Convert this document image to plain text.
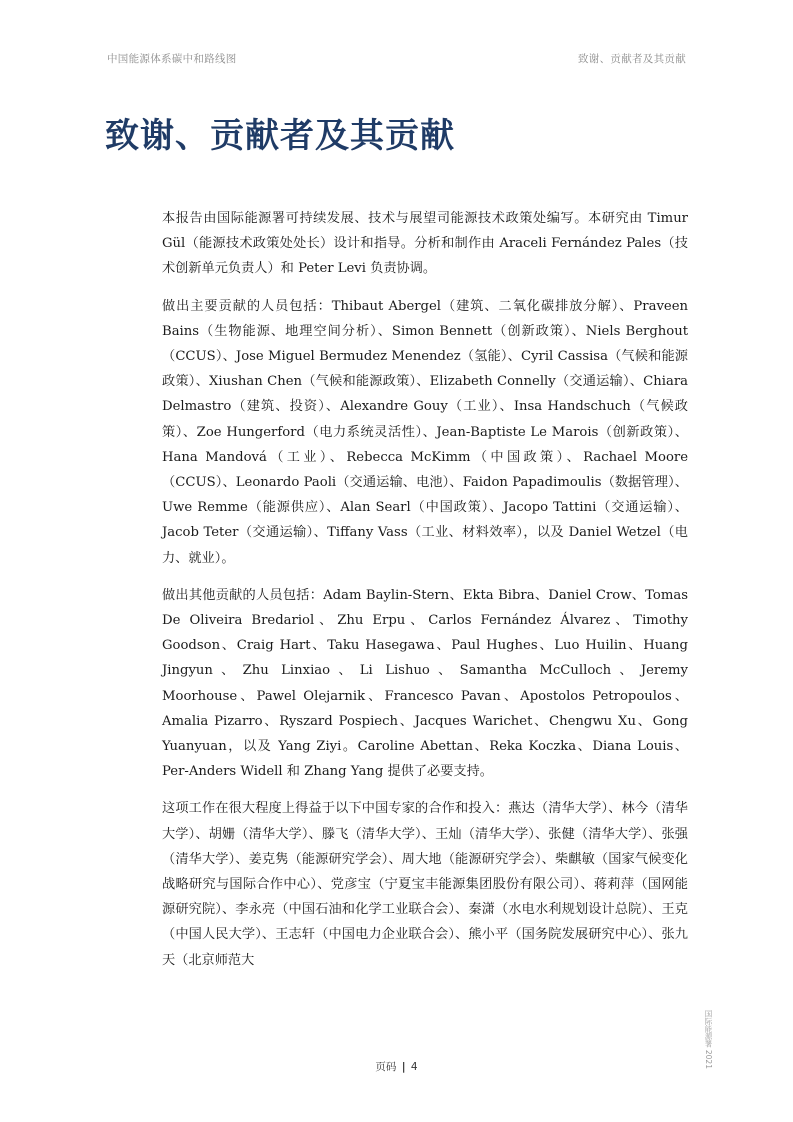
中国能源体系碳中和路线图	致谢、贡献者及其贡献
致谢、贡献者及其贡献

本报告由国际能源署可持续发展、技术与展望司能源技术政策处编写。本研究由 Timur Gül（能源技术政策处处长）设计和指导。分析和制作由 Araceli Fernández Pales（技术创新单元负责人）和 Peter Levi 负责协调。

做出主要贡献的人员包括：Thibaut Abergel（建筑、二氧化碳排放分解）、Praveen Bains（生物能源、地理空间分析）、Simon Bennett（创新政策）、Niels Berghout（CCUS）、Jose Miguel Bermudez Menendez（氢能）、Cyril Cassisa（气候和能源政策）、Xiushan Chen（气候和能源政策）、Elizabeth Connelly（交通运输）、Chiara Delmastro（建筑、投资）、Alexandre Gouy（工业）、Insa Handschuch（气候政策）、Zoe Hungerford（电力系统灵活性）、Jean-Baptiste Le Marois（创新政策）、Hana Mandová（工业）、Rebecca McKimm（中国政策）、Rachael Moore（CCUS）、Leonardo Paoli（交通运输、电池）、Faidon Papadimoulis（数据管理）、Uwe Remme（能源供应）、Alan Searl（中国政策）、Jacopo Tattini（交通运输）、Jacob Teter（交通运输）、Tiffany Vass（工业、材料效率），以及 Daniel Wetzel（电力、就业）。

做出其他贡献的人员包括：Adam Baylin-Stern、Ekta Bibra、Daniel Crow、Tomas De Oliveira Bredariol、Zhu Erpu、Carlos Fernández Álvarez、Timothy Goodson、Craig Hart、Taku Hasegawa、Paul Hughes、Luo Huilin、Huang Jingyun、Zhu Linxiao、Li Lishuo、Samantha McCulloch、Jeremy Moorhouse、Pawel Olejarnik、Francesco Pavan、Apostolos Petropoulos、Amalia Pizarro、Ryszard Pospiech、Jacques Warichet、Chengwu Xu、Gong Yuanyuan，以及 Yang Ziyi。Caroline Abettan、Reka Koczka、Diana Louis、Per-Anders Widell 和 Zhang Yang 提供了必要支持。

这项工作在很大程度上得益于以下中国专家的合作和投入：燕达（清华大学）、林今（清华大学）、胡姗（清华大学）、滕飞（清华大学）、王灿（清华大学）、张健（清华大学）、张强（清华大学）、姜克隽（能源研究学会）、周大地（能源研究学会）、柴麒敏（国家气候变化战略研究与国际合作中心）、党彦宝（宁夏宝丰能源集团股份有限公司）、蒋莉萍（国网能源研究院）、李永亮（中国石油和化学工业联合会）、秦潇（水电水利规划设计总院）、王克（中国人民大学）、王志轩（中国电力企业联合会）、熊小平（国务院发展研究中心）、张九天（北京师范大

国际能源署 2021
页码 | 4
